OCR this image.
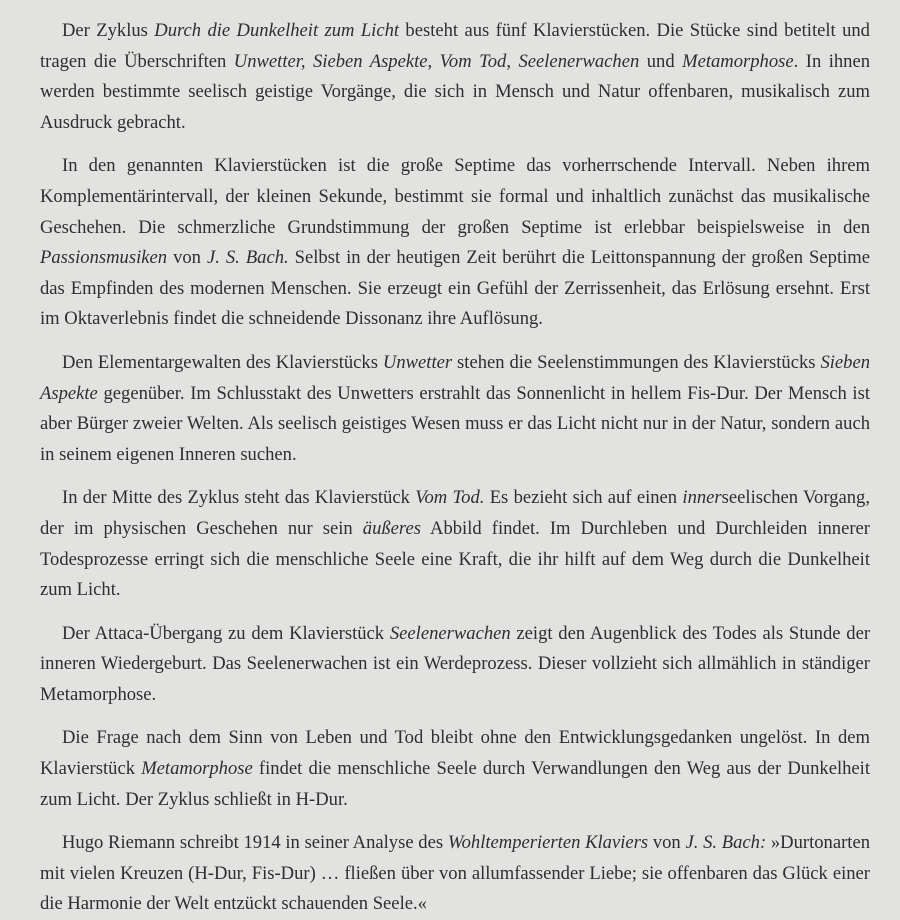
Der Zyklus Durch die Dunkelheit zum Licht besteht aus fünf Klavierstücken. Die Stücke sind betitelt und tragen die Überschriften Unwetter, Sieben Aspekte, Vom Tod, Seelenerwachen und Metamorphose. In ihnen werden bestimmte seelisch geistige Vorgänge, die sich in Mensch und Natur offenbaren, musikalisch zum Ausdruck gebracht.

In den genannten Klavierstücken ist die große Septime das vorherrschende Intervall. Neben ihrem Komplementärintervall, der kleinen Sekunde, bestimmt sie formal und inhaltlich zunächst das musikalische Geschehen. Die schmerzliche Grundstimmung der großen Septime ist erlebbar beispielsweise in den Passionsmusiken von J. S. Bach. Selbst in der heutigen Zeit berührt die Leittonspannung der großen Septime das Empfinden des modernen Menschen. Sie erzeugt ein Gefühl der Zerrissenheit, das Erlösung ersehnt. Erst im Oktaverlebnis findet die schneidende Dissonanz ihre Auflösung.

Den Elementargewalten des Klavierstücks Unwetter stehen die Seelenstimmungen des Klavierstücks Sieben Aspekte gegenüber. Im Schlusstakt des Unwetters erstrahlt das Sonnenlicht in hellem Fis-Dur. Der Mensch ist aber Bürger zweier Welten. Als seelisch geistiges Wesen muss er das Licht nicht nur in der Natur, sondern auch in seinem eigenen Inneren suchen.

In der Mitte des Zyklus steht das Klavierstück Vom Tod. Es bezieht sich auf einen innerseelischen Vorgang, der im physischen Geschehen nur sein äußeres Abbild findet. Im Durchleben und Durchleiden innerer Todesprozesse erringt sich die menschliche Seele eine Kraft, die ihr hilft auf dem Weg durch die Dunkelheit zum Licht.

Der Attaca-Übergang zu dem Klavierstück Seelenerwachen zeigt den Augenblick des Todes als Stunde der inneren Wiedergeburt. Das Seelenerwachen ist ein Werdeprozess. Dieser vollzieht sich allmählich in ständiger Metamorphose.

Die Frage nach dem Sinn von Leben und Tod bleibt ohne den Entwicklungsgedanken ungelöst. In dem Klavierstück Metamorphose findet die menschliche Seele durch Verwandlungen den Weg aus der Dunkelheit zum Licht. Der Zyklus schließt in H-Dur.

Hugo Riemann schreibt 1914 in seiner Analyse des Wohltemperierten Klaviers von J. S. Bach: »Durtonarten mit vielen Kreuzen (H-Dur, Fis-Dur) … fließen über von allumfassender Liebe; sie offenbaren das Glück einer die Harmonie der Welt entzückt schauenden Seele.«
